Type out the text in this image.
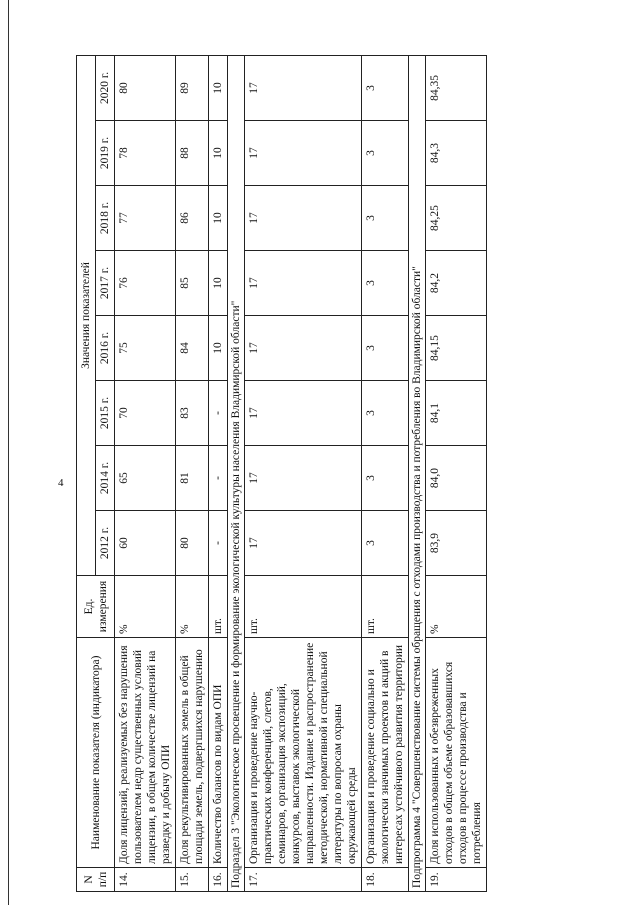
4
N п/п	Наименование показателя (индикатора)	Ед. измерения	Значения показателей							
			2012 г.	2014 г.	2015 г.	2016 г.	2017 г.	2018 г.	2019 г.	2020 г.
14.	Доля лицензий, реализуемых без нарушения пользователем недр существенных условий лицензии, в общем количестве лицензий на разведку и добычу ОПИ	%	60	65	70	75	76	77	78	80
15.	Доля рекультивированных земель в общей площади земель, подвергшихся нарушению	%	80	81	83	84	85	86	88	89
16.	Количество балансов по видам ОПИ	шт.	-	-	-	10	10	10	10	10
Подраздел 3 "Экологическое просвещение и формирование экологической культуры населения Владимирской области"										
17.	Организация и проведение научно-практических конференций, слетов, семинаров, организация экспозиций, конкурсов, выставок экологической направленности. Издание и распространение методической, нормативной и специальной литературы по вопросам охраны окружающей среды	шт.	17	17	17	17	17	17	17	17
18.	Организация и проведение социально и экологически значимых проектов и акций в интересах устойчивого развития территории	шт.	3	3	3	3	3	3	3	3
Подпрограмма 4 "Совершенствование системы обращения с отходами производства и потребления во Владимирской области"										
19.	Доля использованных и обезвреженных отходов в общем объеме образовавшихся отходов в процессе производства и потребления	%	83,9	84,0	84,1	84,15	84,2	84,25	84,3	84,35
